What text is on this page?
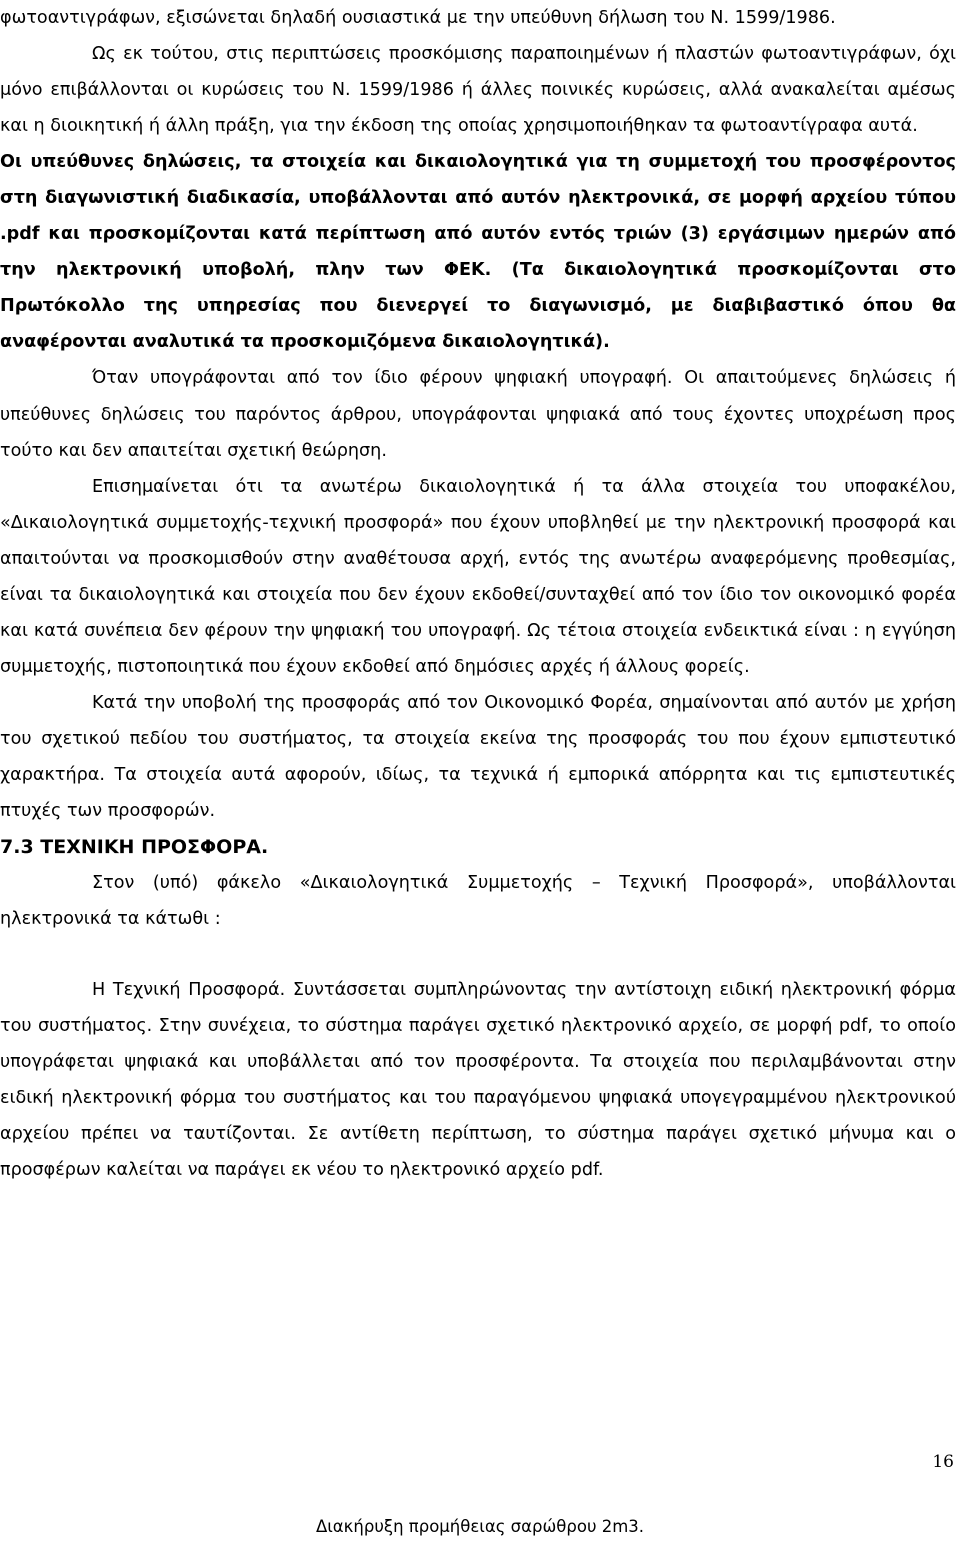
φωτοαντιγράφων, εξισώνεται δηλαδή ουσιαστικά με την υπεύθυνη δήλωση του Ν. 1599/1986.

Ως εκ τούτου, στις περιπτώσεις προσκόμισης παραποιημένων ή πλαστών φωτοαντιγράφων, όχι μόνο επιβάλλονται οι κυρώσεις του Ν. 1599/1986 ή άλλες ποινικές κυρώσεις, αλλά ανακαλείται αμέσως και η διοικητική ή άλλη πράξη, για την έκδοση της οποίας χρησιμοποιήθηκαν τα φωτοαντίγραφα αυτά.

Οι υπεύθυνες δηλώσεις, τα στοιχεία και δικαιολογητικά για τη συμμετοχή του προσφέροντος στη διαγωνιστική διαδικασία, υποβάλλονται από αυτόν ηλεκτρονικά, σε μορφή αρχείου τύπου .pdf και προσκομίζονται κατά περίπτωση από αυτόν εντός τριών (3) εργάσιμων ημερών από την ηλεκτρονική υποβολή, πλην των ΦΕΚ. (Τα δικαιολογητικά προσκομίζονται στο Πρωτόκολλο της υπηρεσίας που διενεργεί το διαγωνισμό, με διαβιβαστικό όπου θα αναφέρονται αναλυτικά τα προσκομιζόμενα δικαιολογητικά).

Όταν υπογράφονται από τον ίδιο φέρουν ψηφιακή υπογραφή. Οι απαιτούμενες δηλώσεις ή υπεύθυνες δηλώσεις του παρόντος άρθρου, υπογράφονται ψηφιακά από τους έχοντες υποχρέωση προς τούτο και δεν απαιτείται σχετική θεώρηση.

Επισημαίνεται ότι τα ανωτέρω δικαιολογητικά ή τα άλλα στοιχεία του υποφακέλου, «Δικαιολογητικά συμμετοχής-τεχνική προσφορά» που έχουν υποβληθεί με την ηλεκτρονική προσφορά και απαιτούνται να προσκομισθούν στην αναθέτουσα αρχή, εντός της ανωτέρω αναφερόμενης προθεσμίας, είναι τα δικαιολογητικά και στοιχεία που δεν έχουν εκδοθεί/συνταχθεί από τον ίδιο τον οικονομικό φορέα και κατά συνέπεια δεν φέρουν την ψηφιακή του υπογραφή. Ως τέτοια στοιχεία ενδεικτικά είναι : η εγγύηση συμμετοχής, πιστοποιητικά που έχουν εκδοθεί από δημόσιες αρχές ή άλλους φορείς.

Κατά την υποβολή της προσφοράς από τον Οικονομικό Φορέα, σημαίνονται από αυτόν με χρήση του σχετικού πεδίου του συστήματος, τα στοιχεία εκείνα της προσφοράς του που έχουν εμπιστευτικό χαρακτήρα. Τα στοιχεία αυτά αφορούν, ιδίως, τα τεχνικά ή εμπορικά απόρρητα και τις εμπιστευτικές πτυχές των προσφορών.

7.3 ΤΕΧΝΙΚΗ ΠΡΟΣΦΟΡΑ.

Στον (υπό) φάκελο «Δικαιολογητικά Συμμετοχής – Τεχνική Προσφορά», υποβάλλονται ηλεκτρονικά τα κάτωθι :

Η Τεχνική Προσφορά. Συντάσσεται συμπληρώνοντας την αντίστοιχη ειδική ηλεκτρονική φόρμα του συστήματος. Στην συνέχεια, το σύστημα παράγει σχετικό ηλεκτρονικό αρχείο, σε μορφή pdf, το οποίο υπογράφεται ψηφιακά και υποβάλλεται από τον προσφέροντα. Τα στοιχεία που περιλαμβάνονται στην ειδική ηλεκτρονική φόρμα του συστήματος και του παραγόμενου ψηφιακά υπογεγραμμένου ηλεκτρονικού αρχείου πρέπει να ταυτίζονται. Σε αντίθετη περίπτωση, το σύστημα παράγει σχετικό μήνυμα και ο προσφέρων καλείται να παράγει εκ νέου το ηλεκτρονικό αρχείο pdf.

16
Διακήρυξη προμήθειας σαρώθρου 2m3.
